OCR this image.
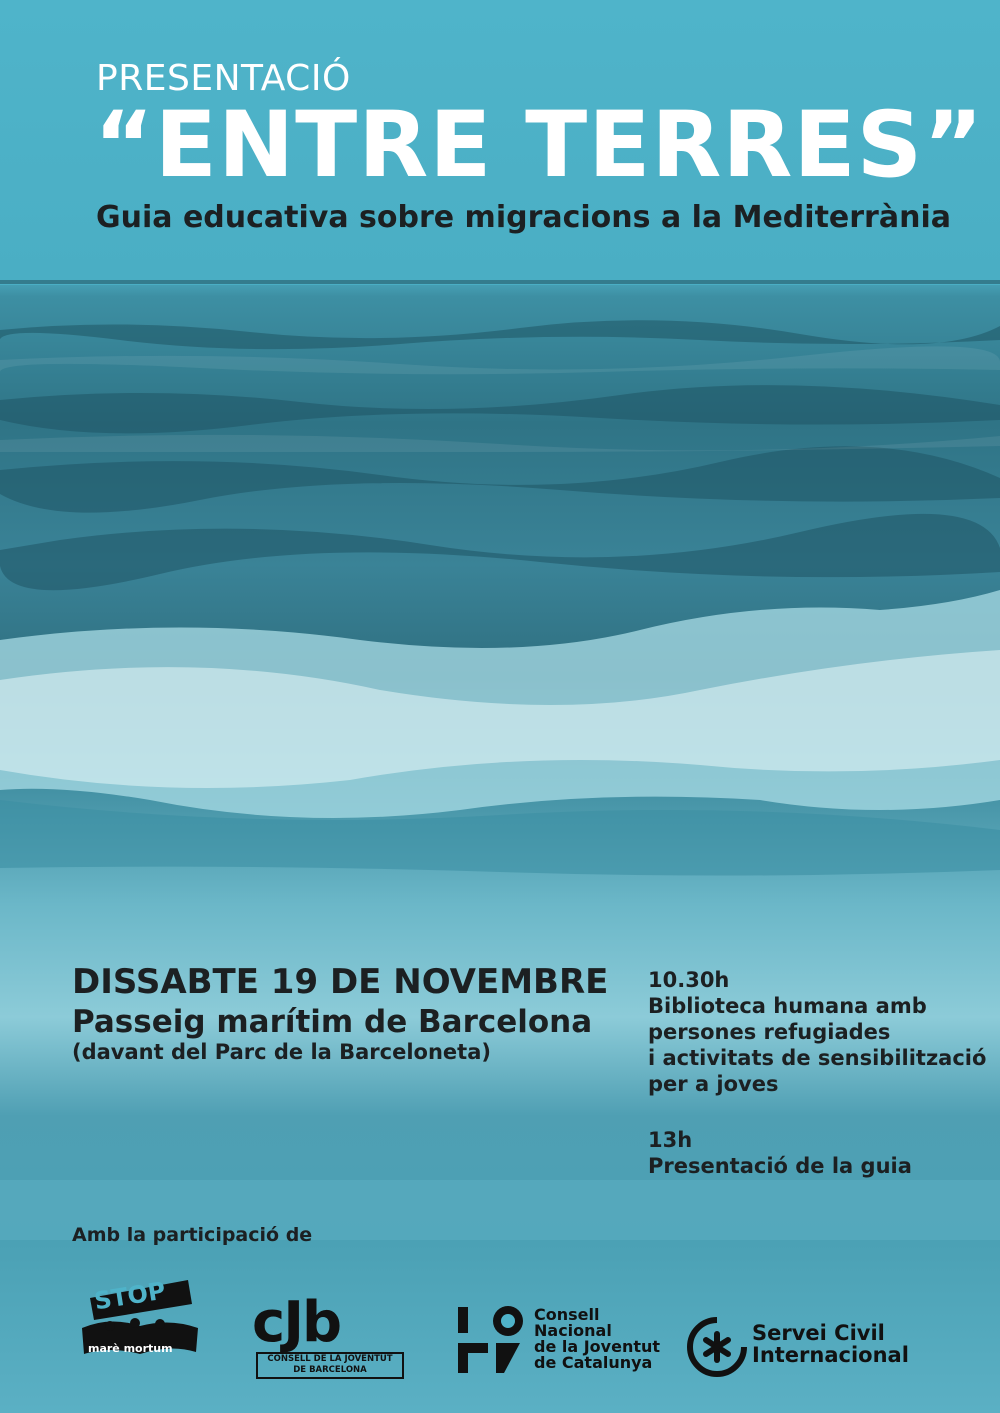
PRESENTACIÓ
“ENTRE TERRES”
Guia educativa sobre migracions a la Mediterrània
DISSABTE 19 DE NOVEMBRE
Passeig marítim de Barcelona
(davant del Parc de la Barceloneta)
10.30h
Biblioteca humana amb
persones refugiades
i activitats de sensibilització
per a joves
13h
Presentació de la guia
Amb la participació de
STOP
marè mortum cJb
CONSELL DE LA JOVENTUT
DE BARCELONA
Consell
Nacional
de la Joventut
de Catalunya
Servei Civil
Internacional
